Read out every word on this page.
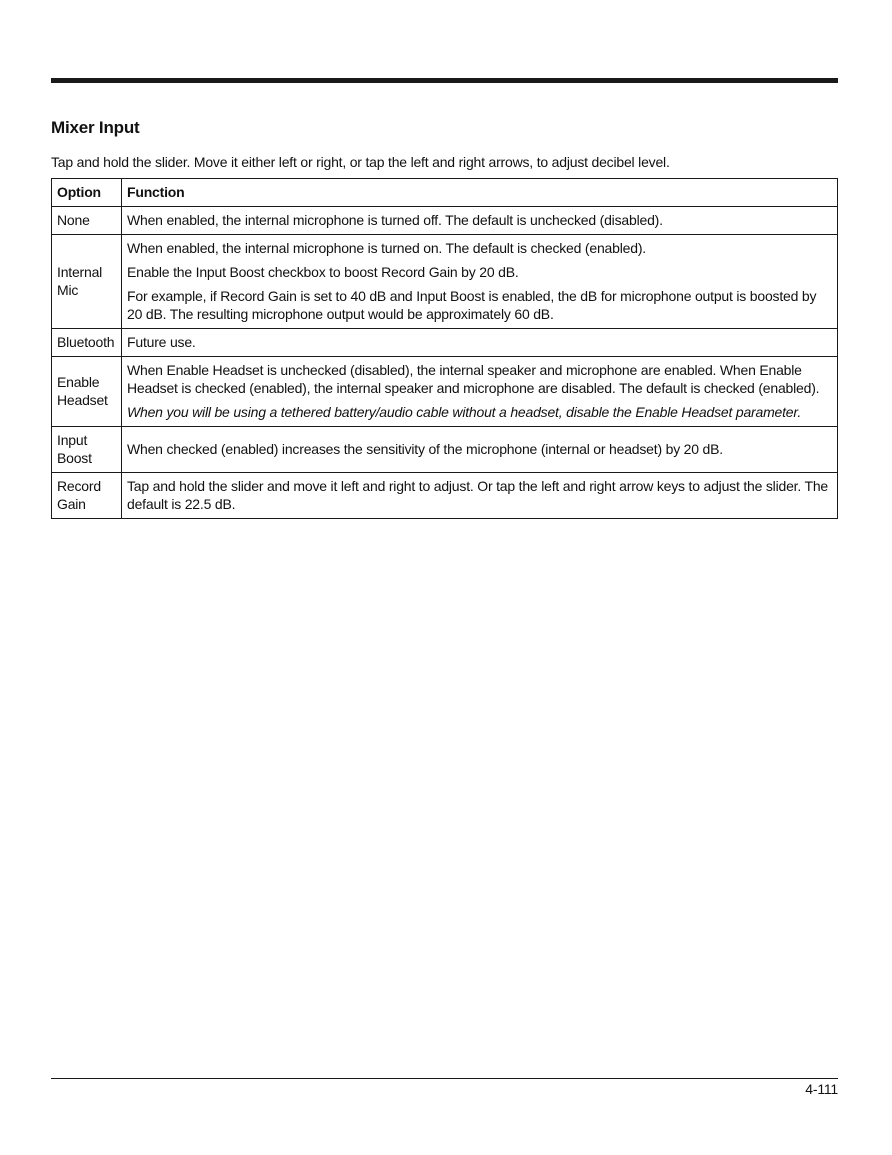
Mixer Input

Tap and hold the slider. Move it either left or right, or tap the left and right arrows, to adjust decibel level.

Option	Function
None	When enabled, the internal microphone is turned off. The default is unchecked (disabled).

Internal Mic	When enabled, the internal microphone is turned on. The default is checked (enabled).

Enable the Input Boost checkbox to boost Record Gain by 20 dB.

For example, if Record Gain is set to 40 dB and Input Boost is enabled, the dB for microphone output is boosted by 20 dB. The resulting microphone output would be approximately 60 dB.

Bluetooth	Future use.

Enable Headset	When Enable Headset is unchecked (disabled), the internal speaker and microphone are enabled. When Enable Headset is checked (enabled), the internal speaker and microphone are disabled. The default is checked (enabled).

When you will be using a tethered battery/audio cable without a headset, disable the Enable Headset parameter.

Input Boost	When checked (enabled) increases the sensitivity of the microphone (internal or headset) by 20 dB.

Record Gain	Tap and hold the slider and move it left and right to adjust. Or tap the left and right arrow keys to adjust the slider. The default is 22.5 dB.

4-111
